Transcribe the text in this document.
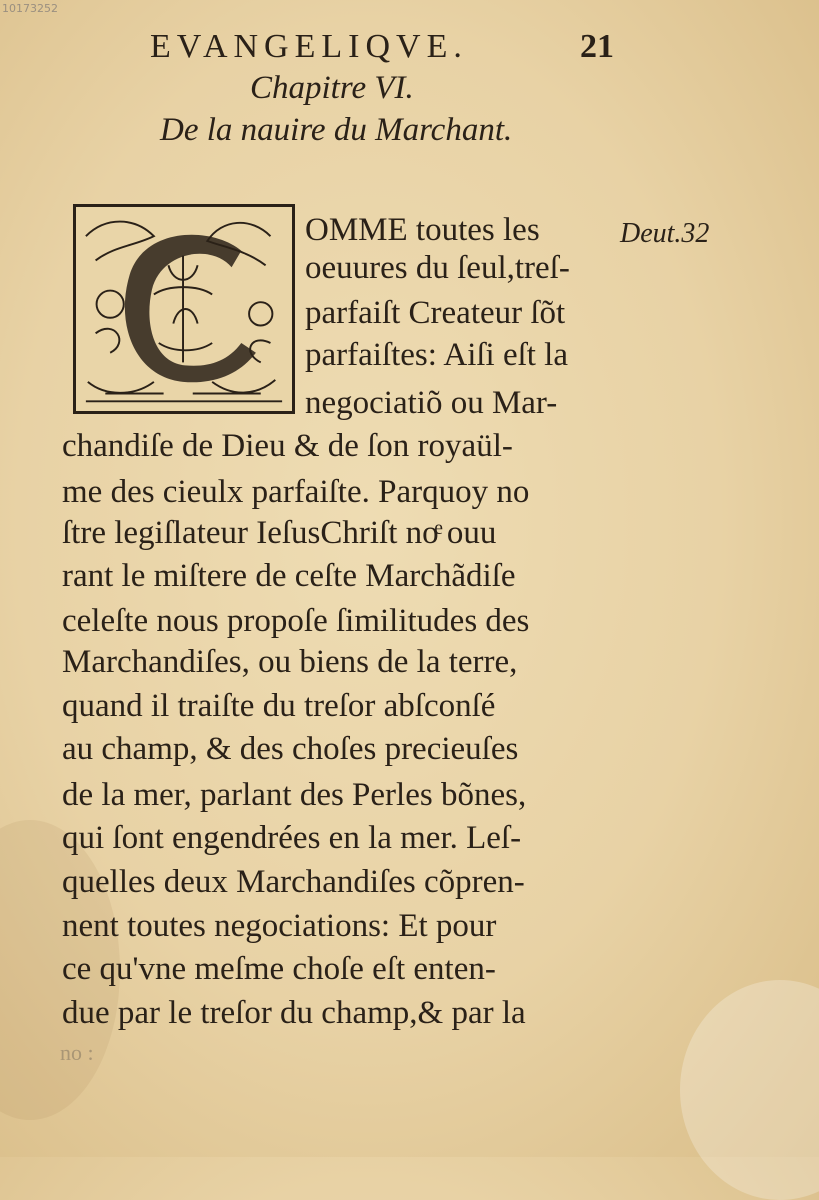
10173252
EVANGELIQVE.	21
Chapitre VI.
De la nauire du Marchant.
Deut.32
OMME toutes les
oeuures du ſeul,treſ-
parfaiſt Createur ſõt
parfaiſtes: Aiſi eſt la
negociatiõ ou Mar-
chandiſe de Dieu & de ſon royaül-
me des cieulx parfaiſte. Parquoy no
ſtre legiſlateur IeſusChriſt noͤ ouu
rant le miſtere de ceſte Marchãdiſe
celeſte nous propoſe ſimilitudes des
Marchandiſes, ou biens de la terre,
quand il traiſte du treſor abſconſé
au champ, & des choſes precieuſes
de la mer, parlant des Perles bõnes,
qui ſont engendrées en la mer. Leſ-
quelles deux Marchandiſes cõpren-
nent toutes negociations: Et pour
ce qu'vne meſme choſe eſt enten-
due par le treſor du champ,& par la
no :
